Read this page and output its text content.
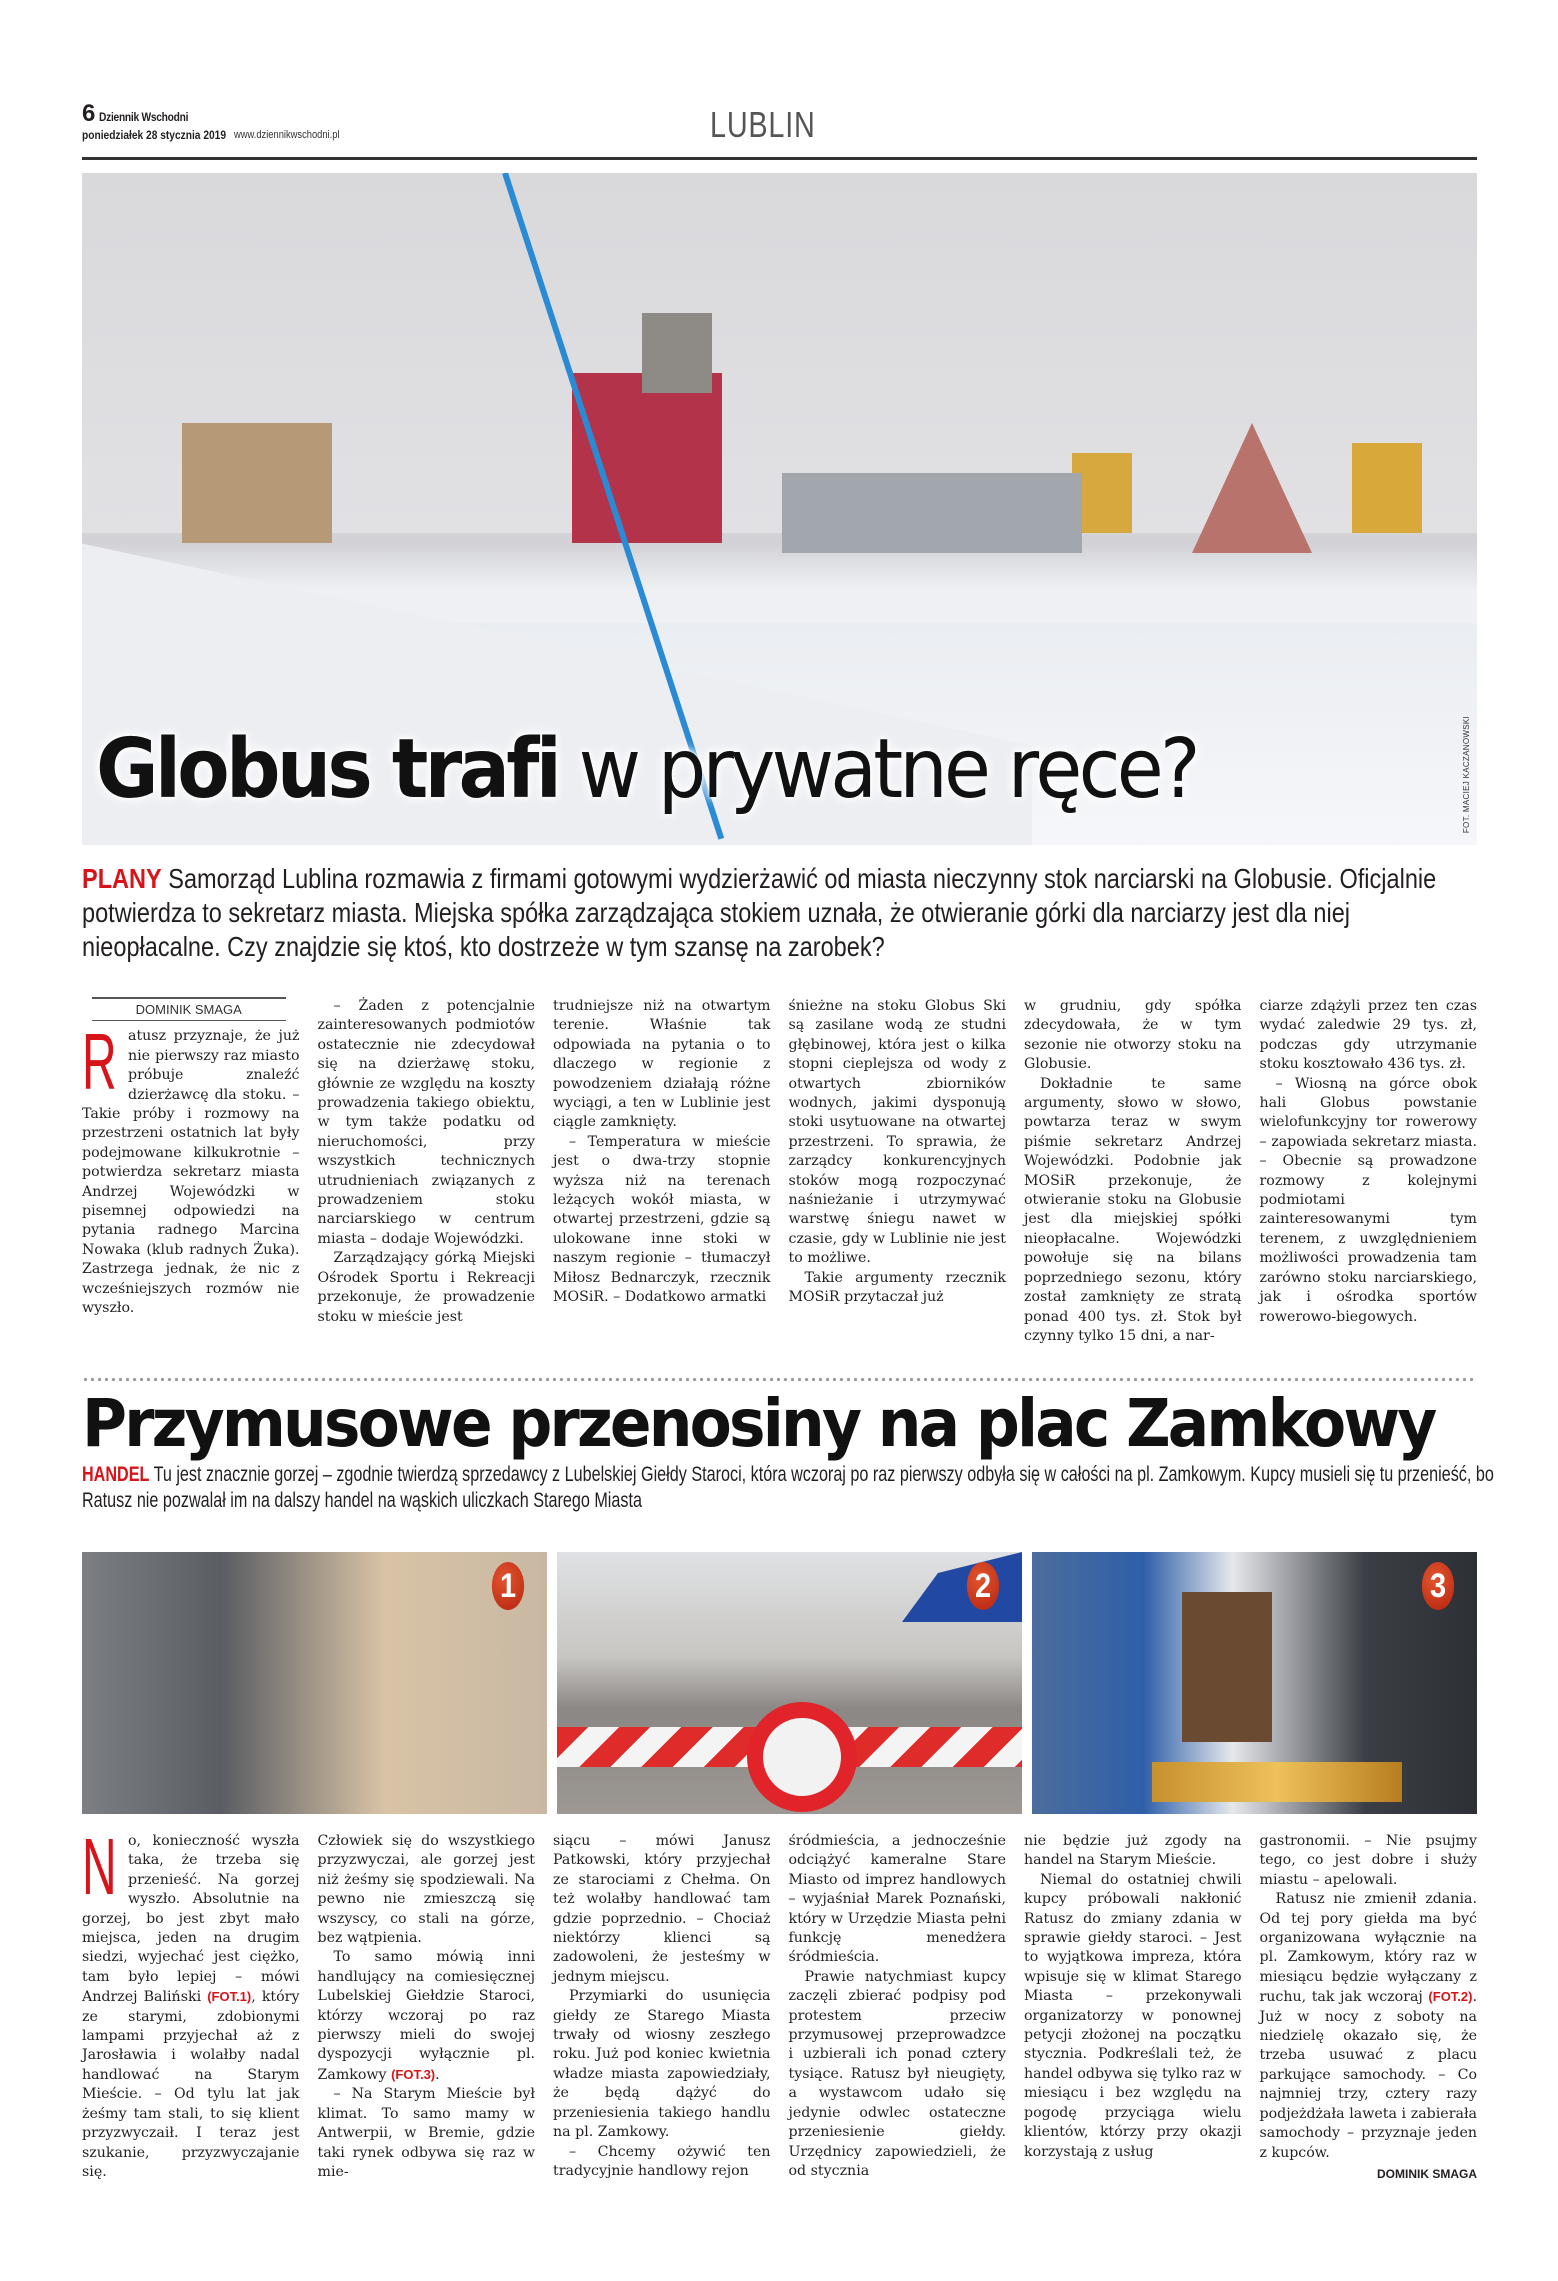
6 Dziennik Wschodni
poniedziałek 28 stycznia 2019 www.dziennikwschodni.pl	LUBLIN
FOT. MACIEJ KACZANOWSKI
Globus trafi w prywatne ręce?
PLANY Samorząd Lublina rozmawia z firmami gotowymi wydzierżawić od miasta nieczynny stok narciarski na Globusie. Oficjalnie potwierdza to sekretarz miasta. Miejska spółka zarządzająca stokiem uznała, że otwieranie górki dla narciarzy jest dla niej nieopłacalne. Czy znajdzie się ktoś, kto dostrzeże w tym szansę na zarobek?
DOMINIK SMAGA

Ratusz przyznaje, że już nie pierwszy raz miasto próbuje znaleźć dzierżawcę dla stoku. – Takie próby i rozmowy na przestrzeni ostatnich lat były podejmowane kilkukrotnie – potwierdza sekretarz miasta Andrzej Wojewódzki w pisemnej odpowiedzi na pytania radnego Marcina Nowaka (klub radnych Żuka). Zastrzega jednak, że nic z wcześniejszych rozmów nie wyszło.

– Żaden z potencjalnie zainteresowanych podmiotów ostatecznie nie zdecydował się na dzierżawę stoku, głównie ze względu na koszty prowadzenia takiego obiektu, w tym także podatku od nieruchomości, przy wszystkich technicznych utrudnieniach związanych z prowadzeniem stoku narciarskiego w centrum miasta – dodaje Wojewódzki.

Zarządzający górką Miejski Ośrodek Sportu i Rekreacji przekonuje, że prowadzenie stoku w mieście jest

trudniejsze niż na otwartym terenie. Właśnie tak odpowiada na pytania o to dlaczego w regionie z powodzeniem działają różne wyciągi, a ten w Lublinie jest ciągle zamknięty.

– Temperatura w mieście jest o dwa-trzy stopnie wyższa niż na terenach leżących wokół miasta, w otwartej przestrzeni, gdzie są ulokowane inne stoki w naszym regionie – tłumaczył Miłosz Bednarczyk, rzecznik MOSiR. – Dodatkowo armatki

śnieżne na stoku Globus Ski są zasilane wodą ze studni głębinowej, która jest o kilka stopni cieplejsza od wody z otwartych zbiorników wodnych, jakimi dysponują stoki usytuowane na otwartej przestrzeni. To sprawia, że zarządcy konkurencyjnych stoków mogą rozpoczynać naśnieżanie i utrzymywać warstwę śniegu nawet w czasie, gdy w Lublinie nie jest to możliwe.

Takie argumenty rzecznik MOSiR przytaczał już

w grudniu, gdy spółka zdecydowała, że w tym sezonie nie otworzy stoku na Globusie.

Dokładnie te same argumenty, słowo w słowo, powtarza teraz w swym piśmie sekretarz Andrzej Wojewódzki. Podobnie jak MOSiR przekonuje, że otwieranie stoku na Globusie jest dla miejskiej spółki nieopłacalne. Wojewódzki powołuje się na bilans poprzedniego sezonu, który został zamknięty ze stratą ponad 400 tys. zł. Stok był czynny tylko 15 dni, a nar-

ciarze zdążyli przez ten czas wydać zaledwie 29 tys. zł, podczas gdy utrzymanie stoku kosztowało 436 tys. zł.

– Wiosną na górce obok hali Globus powstanie wielofunkcyjny tor rowerowy – zapowiada sekretarz miasta. – Obecnie są prowadzone rozmowy z kolejnymi podmiotami zainteresowanymi tym terenem, z uwzględnieniem możliwości prowadzenia tam zarówno stoku narciarskiego, jak i ośrodka sportów rowerowo-biegowych.

Przymusowe przenosiny na plac Zamkowy
HANDEL Tu jest znacznie gorzej – zgodnie twierdzą sprzedawcy z Lubelskiej Giełdy Staroci, która wczoraj po raz pierwszy odbyła się w całości na pl. Zamkowym. Kupcy musieli się tu przenieść, bo Ratusz nie pozwalał im na dalszy handel na wąskich uliczkach Starego Miasta
1	2	3
FOT. MACIEJ KACZANOWSKI

No, konieczność wyszła taka, że trzeba się przenieść. Na gorzej wyszło. Absolutnie na gorzej, bo jest zbyt mało miejsca, jeden na drugim siedzi, wyjechać jest ciężko, tam było lepiej – mówi Andrzej Baliński (FOT.1), który ze starymi, zdobionymi lampami przyjechał aż z Jarosławia i wolałby nadal handlować na Starym Mieście. – Od tylu lat jak żeśmy tam stali, to się klient przyzwyczaił. I teraz jest szukanie, przyzwyczajanie się.

Człowiek się do wszystkiego przyzwyczai, ale gorzej jest niż żeśmy się spodziewali. Na pewno nie zmieszczą się wszyscy, co stali na górze, bez wątpienia.

To samo mówią inni handlujący na comiesięcznej Lubelskiej Giełdzie Staroci, którzy wczoraj po raz pierwszy mieli do swojej dyspozycji wyłącznie pl. Zamkowy (FOT.3).

– Na Starym Mieście był klimat. To samo mamy w Antwerpii, w Bremie, gdzie taki rynek odbywa się raz w mie-

siącu – mówi Janusz Patkowski, który przyjechał ze starociami z Chełma. On też wolałby handlować tam gdzie poprzednio. – Chociaż niektórzy klienci są zadowoleni, że jesteśmy w jednym miejscu.

Przymiarki do usunięcia giełdy ze Starego Miasta trwały od wiosny zeszłego roku. Już pod koniec kwietnia władze miasta zapowiedziały, że będą dążyć do przeniesienia takiego handlu na pl. Zamkowy.

– Chcemy ożywić ten tradycyjnie handlowy rejon

śródmieścia, a jednocześnie odciążyć kameralne Stare Miasto od imprez handlowych – wyjaśniał Marek Poznański, który w Urzędzie Miasta pełni funkcję menedżera śródmieścia.

Prawie natychmiast kupcy zaczęli zbierać podpisy pod protestem przeciw przymusowej przeprowadzce i uzbierali ich ponad cztery tysiące. Ratusz był nieugięty, a wystawcom udało się jedynie odwlec ostateczne przeniesienie giełdy. Urzędnicy zapowiedzieli, że od stycznia

nie będzie już zgody na handel na Starym Mieście.

Niemal do ostatniej chwili kupcy próbowali nakłonić Ratusz do zmiany zdania w sprawie giełdy staroci. – Jest to wyjątkowa impreza, która wpisuje się w klimat Starego Miasta – przekonywali organizatorzy w ponownej petycji złożonej na początku stycznia. Podkreślali też, że handel odbywa się tylko raz w miesiącu i bez względu na pogodę przyciąga wielu klientów, którzy przy okazji korzystają z usług

gastronomii. – Nie psujmy tego, co jest dobre i służy miastu – apelowali.

Ratusz nie zmienił zdania. Od tej pory giełda ma być organizowana wyłącznie na pl. Zamkowym, który raz w miesiącu będzie wyłączany z ruchu, tak jak wczoraj (FOT.2). Już w nocy z soboty na niedzielę okazało się, że trzeba usuwać z placu parkujące samochody. – Co najmniej trzy, cztery razy podjeżdżała laweta i zabierała samochody – przyznaje jeden z kupców.

DOMINIK SMAGA
